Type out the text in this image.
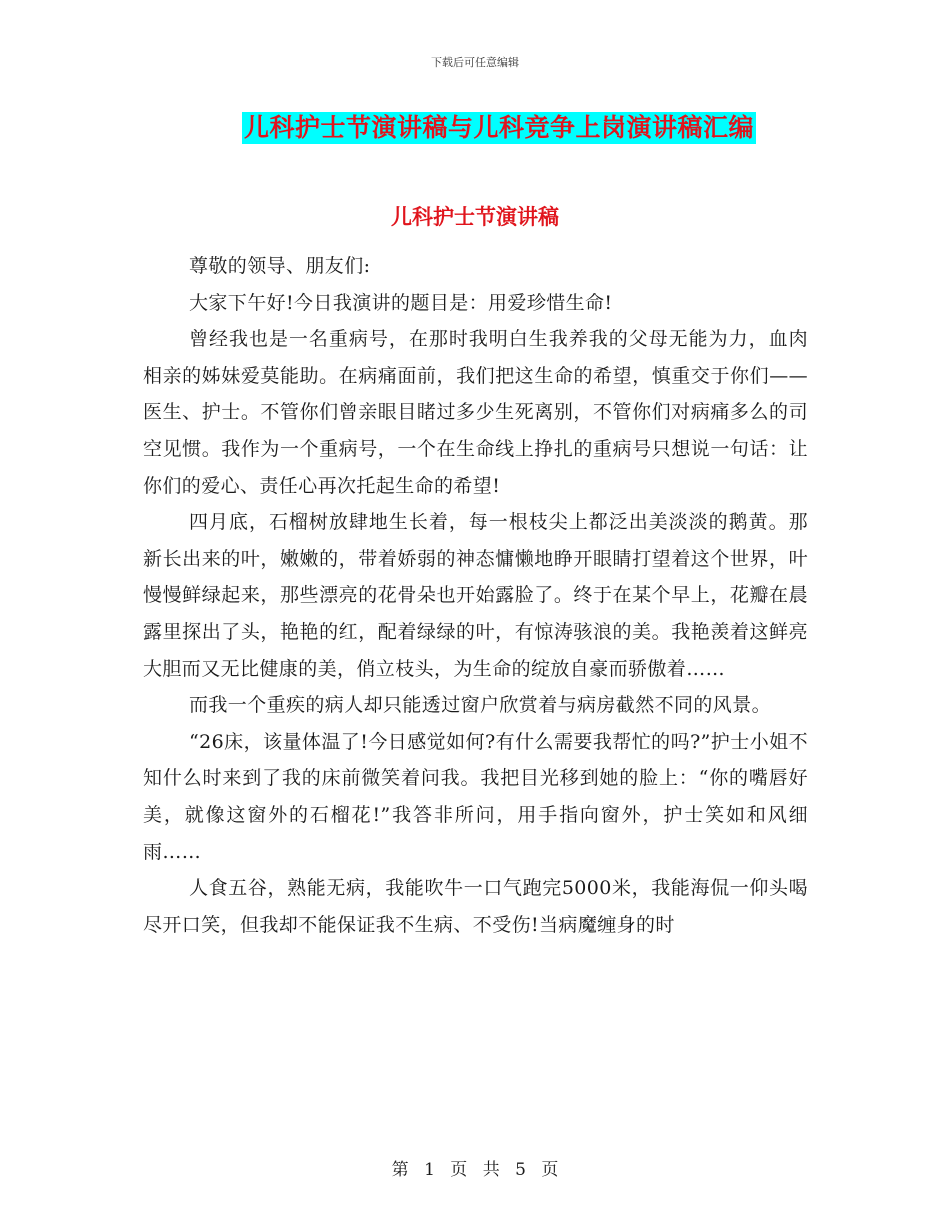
下载后可任意编辑
儿科护士节演讲稿与儿科竞争上岗演讲稿汇编
儿科护士节演讲稿

尊敬的领导、朋友们:

大家下午好!今日我演讲的题目是：用爱珍惜生命!

曾经我也是一名重病号，在那时我明白生我养我的父母无能为力，血肉相亲的姊妹爱莫能助。在病痛面前，我们把这生命的希望，慎重交于你们——医生、护士。不管你们曾亲眼目睹过多少生死离别，不管你们对病痛多么的司空见惯。我作为一个重病号，一个在生命线上挣扎的重病号只想说一句话：让你们的爱心、责任心再次托起生命的希望!

四月底，石榴树放肆地生长着，每一根枝尖上都泛出美淡淡的鹅黄。那新长出来的叶，嫩嫩的，带着娇弱的神态慵懒地睁开眼睛打望着这个世界，叶慢慢鲜绿起来，那些漂亮的花骨朵也开始露脸了。终于在某个早上，花瓣在晨露里探出了头，艳艳的红，配着绿绿的叶，有惊涛骇浪的美。我艳羡着这鲜亮大胆而又无比健康的美，俏立枝头，为生命的绽放自豪而骄傲着……

而我一个重疾的病人却只能透过窗户欣赏着与病房截然不同的风景。

“26床，该量体温了!今日感觉如何?有什么需要我帮忙的吗?”护士小姐不知什么时来到了我的床前微笑着问我。我把目光移到她的脸上：“你的嘴唇好美，就像这窗外的石榴花!”我答非所问，用手指向窗外，护士笑如和风细雨……

人食五谷，熟能无病，我能吹牛一口气跑完5000米，我能海侃一仰头喝尽开口笑，但我却不能保证我不生病、不受伤!当病魔缠身的时

第 1 页 共 5 页
